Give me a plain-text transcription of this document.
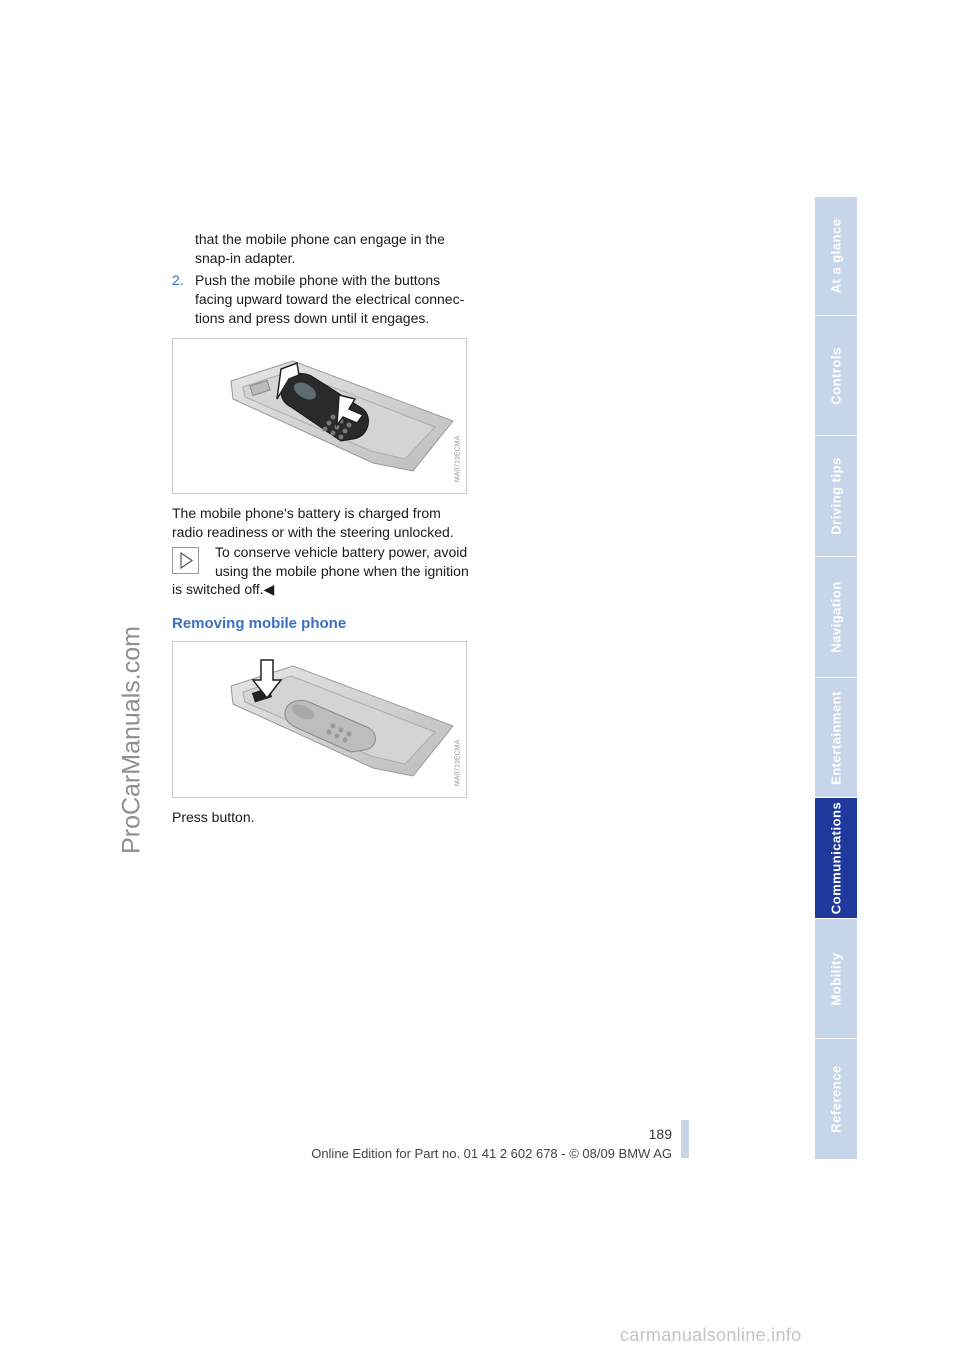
ProCarManuals.com
that the mobile phone can engage in the snap-in adapter.
2. Push the mobile phone with the buttons facing upward toward the electrical connec-tions and press down until it engages.
MA0719ECMA
The mobile phone's battery is charged from radio readiness or with the steering unlocked.
To conserve vehicle battery power, avoid using the mobile phone when the ignition
is switched off.◀
Removing mobile phone
MA0719ECMA
Press button.
189
Online Edition for Part no. 01 41 2 602 678 - © 08/09 BMW AG
At a glance
Controls
Driving tips
Navigation
Entertainment
Communications
Mobility
Reference
carmanualsonline.info
